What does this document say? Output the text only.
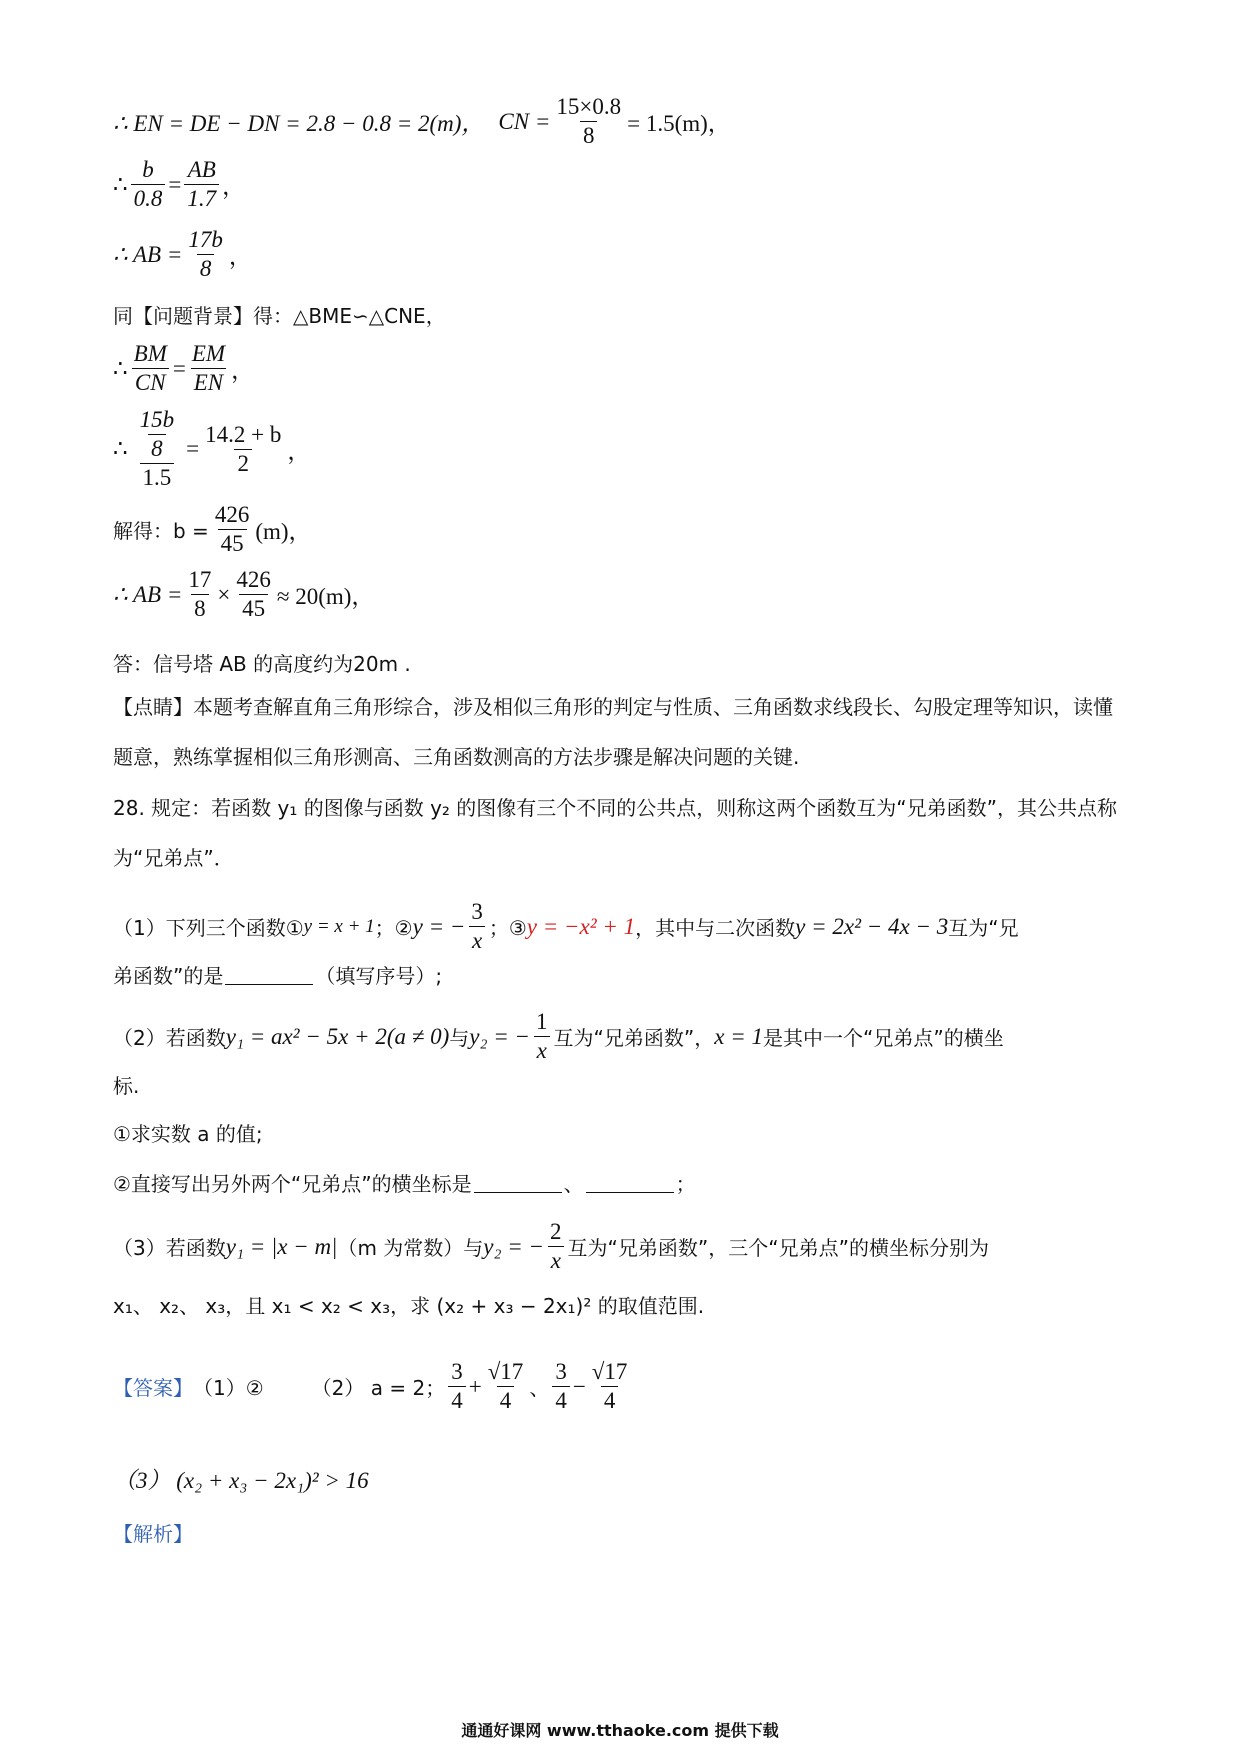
∴ EN = DE − DN = 2.8 − 0.8 = 2(m)， CN = $\frac{15\times 0.8}{8} = 1.5(m)$，
∴ $\frac{b}{0.8} = \frac{AB}{1.7}$ ，
∴ AB = $\frac{17b}{8}$ ，
同【问题背景】得：△BME∽△CNE，
∴ $\frac{BM}{CN} = \frac{EM}{EN}$ ，
∴ $\frac{\frac{15b}{8}}{1.5} = \frac{14.2 + b}{2}$ ，
解得：$b = \frac{426}{45} (m)$，
∴ AB = $\frac{17}{8} \times \frac{426}{45} \approx 20(m)$，
答：信号塔 AB 的高度约为20m .
【点睛】本题考查解直角三角形综合，涉及相似三角形的判定与性质、三角函数求线段长、勾股定理等知识，读懂题意，熟练掌握相似三角形测高、三角函数测高的方法步骤是解决问题的关键.
28. 规定：若函数 y₁ 的图像与函数 y₂ 的图像有三个不同的公共点，则称这两个函数互为“兄弟函数”，其公共点称为“兄弟点”．
（1）下列三个函数① y = x + 1 ；② y = − $\frac{3}{x}$ ；③ y = −x² + 1 ，其中与二次函数 y = 2x² − 4x − 3 互为“兄
弟函数”的是	（填写序号）;
（2）若函数 y₁ = ax² − 5x + 2(a ≠ 0) 与 y₂ = − $\frac{1}{x}$ 互为“兄弟函数”， x = 1 是其中一个“兄弟点”的横坐
标.
①求实数 a 的值;
②直接写出另外两个“兄弟点”的横坐标是	、	；
（3）若函数 y₁ = |x − m| （m 为常数）与 y₂ = − $\frac{2}{x}$ 互为“兄弟函数”，三个“兄弟点”的横坐标分别为
x₁、 x₂、 x₃，且 x₁ < x₂ < x₃，求 (x₂ + x₃ − 2x₁)² 的取值范围.
【答案】 （1）② （2） a = 2； $\frac{3}{4} + \frac{√17}{4}$ 、 $\frac{3}{4} - \frac{√17}{4}$
（3） (x₂ + x₃ − 2x₁)² > 16
【解析】
通通好课网 www.tthaoke.com 提供下载
